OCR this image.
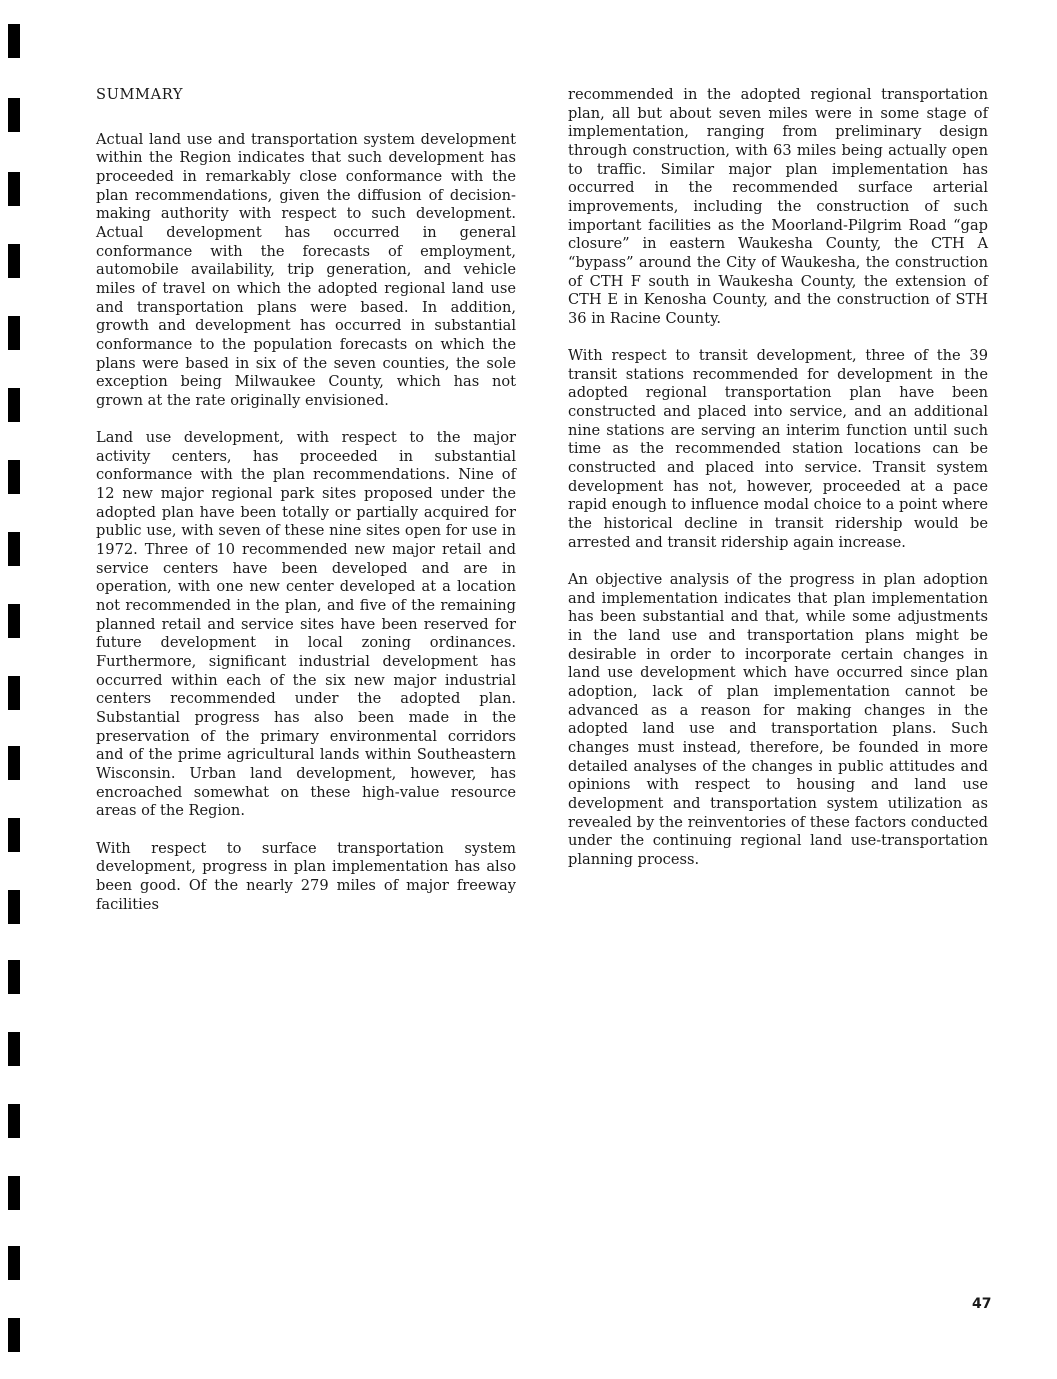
SUMMARY

Actual land use and transportation system development within the Region indicates that such development has proceeded in remarkably close conformance with the plan recommendations, given the diffusion of decision-making authority with respect to such development. Actual development has occurred in general conformance with the forecasts of employment, automobile availability, trip generation, and vehicle miles of travel on which the adopted regional land use and transportation plans were based. In addition, growth and development has occurred in substantial conformance to the population forecasts on which the plans were based in six of the seven counties, the sole exception being Milwaukee County, which has not grown at the rate originally envisioned.

Land use development, with respect to the major activity centers, has proceeded in substantial conformance with the plan recommendations. Nine of 12 new major regional park sites proposed under the adopted plan have been totally or partially acquired for public use, with seven of these nine sites open for use in 1972. Three of 10 recommended new major retail and service centers have been developed and are in operation, with one new center developed at a location not recommended in the plan, and five of the remaining planned retail and service sites have been reserved for future development in local zoning ordinances. Furthermore, significant industrial development has occurred within each of the six new major industrial centers recommended under the adopted plan. Substantial progress has also been made in the preservation of the primary environmental corridors and of the prime agricultural lands within Southeastern Wisconsin. Urban land development, however, has encroached somewhat on these high-value resource areas of the Region.

With respect to surface transportation system development, progress in plan implementation has also been good. Of the nearly 279 miles of major freeway facilities

recommended in the adopted regional transportation plan, all but about seven miles were in some stage of implementation, ranging from preliminary design through construction, with 63 miles being actually open to traffic. Similar major plan implementation has occurred in the recommended surface arterial improvements, including the construction of such important facilities as the Moorland-Pilgrim Road “gap closure” in eastern Waukesha County, the CTH A “bypass” around the City of Waukesha, the construction of CTH F south in Waukesha County, the extension of CTH E in Kenosha County, and the construction of STH 36 in Racine County.

With respect to transit development, three of the 39 transit stations recommended for development in the adopted regional transportation plan have been constructed and placed into service, and an additional nine stations are serving an interim function until such time as the recommended station locations can be constructed and placed into service. Transit system development has not, however, proceeded at a pace rapid enough to influence modal choice to a point where the historical decline in transit ridership would be arrested and transit ridership again increase.

An objective analysis of the progress in plan adoption and implementation indicates that plan implementation has been substantial and that, while some adjustments in the land use and transportation plans might be desirable in order to incorporate certain changes in land use development which have occurred since plan adoption, lack of plan implementation cannot be advanced as a reason for making changes in the adopted land use and transportation plans. Such changes must instead, therefore, be founded in more detailed analyses of the changes in public attitudes and opinions with respect to housing and land use development and transportation system utilization as revealed by the reinventories of these factors conducted under the continuing regional land use-transportation planning process.

47
